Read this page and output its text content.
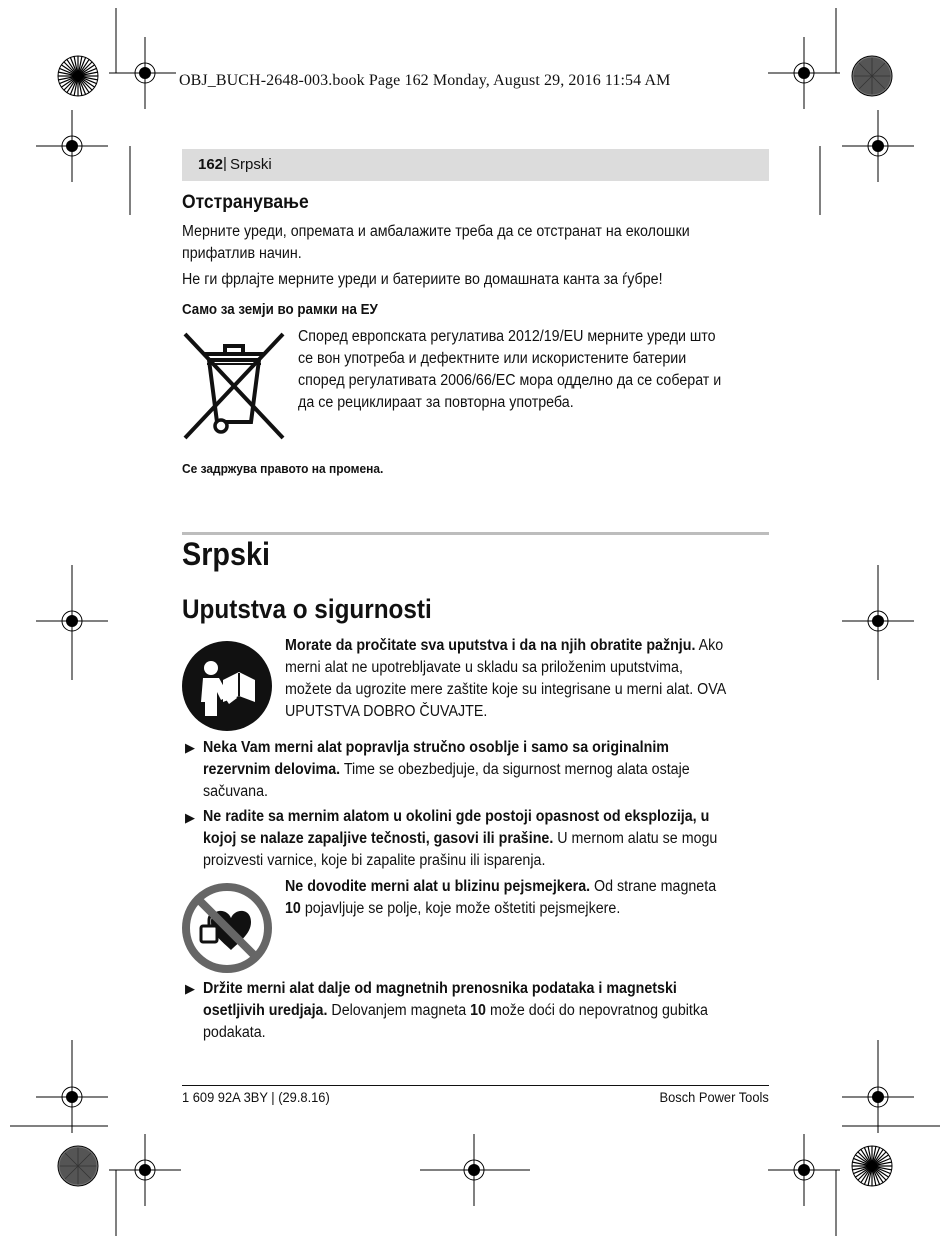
OBJ_BUCH-2648-003.book Page 162 Monday, August 29, 2016 11:54 AM
162 | Srpski
Отстранување
Мерните уреди, опремата и амбалажите треба да се отстранат на еколошки
прифатлив начин.
Не ги фрлајте мерните уреди и батериите во домашната канта за ѓубре!
Само за земји во рамки на ЕУ
Според европската регулатива 2012/19/EU мерните уреди што
се вон употреба и дефектните или искористените батерии
според регулативата 2006/66/ЕС мора одделно да се соберат и
да се рециклираат за повторна употреба.
Се задржува правото на промена.
Srpski
Uputstva o sigurnosti
Morate da pročitate sva uputstva i da na njih obratite pažnju. Ako
merni alat ne upotrebljavate u skladu sa priloženim uputstvima,
možete da ugrozite mere zaštite koje su integrisane u merni alat. OVA
UPUTSTVA DOBRO ČUVAJTE.
▶ Neka Vam merni alat popravlja stručno osoblje i samo sa originalnim
rezervnim delovima. Time se obezbedjuje, da sigurnost mernog alata ostaje
sačuvana.
▶ Ne radite sa mernim alatom u okolini gde postoji opasnost od eksplozija, u
kojoj se nalaze zapaljive tečnosti, gasovi ili prašine. U mernom alatu se mogu
proizvesti varnice, koje bi zapalite prašinu ili isparenja.
Ne dovodite merni alat u blizinu pejsmejkera. Od strane magneta
10 pojavljuje se polje, koje može oštetiti pejsmejkere.
▶ Držite merni alat dalje od magnetnih prenosnika podataka i magnetski
osetljivih uredjaja. Delovanjem magneta 10 može doći do nepovratnog gubitka
podakata.
1 609 92A 3BY | (29.8.16)	Bosch Power Tools
